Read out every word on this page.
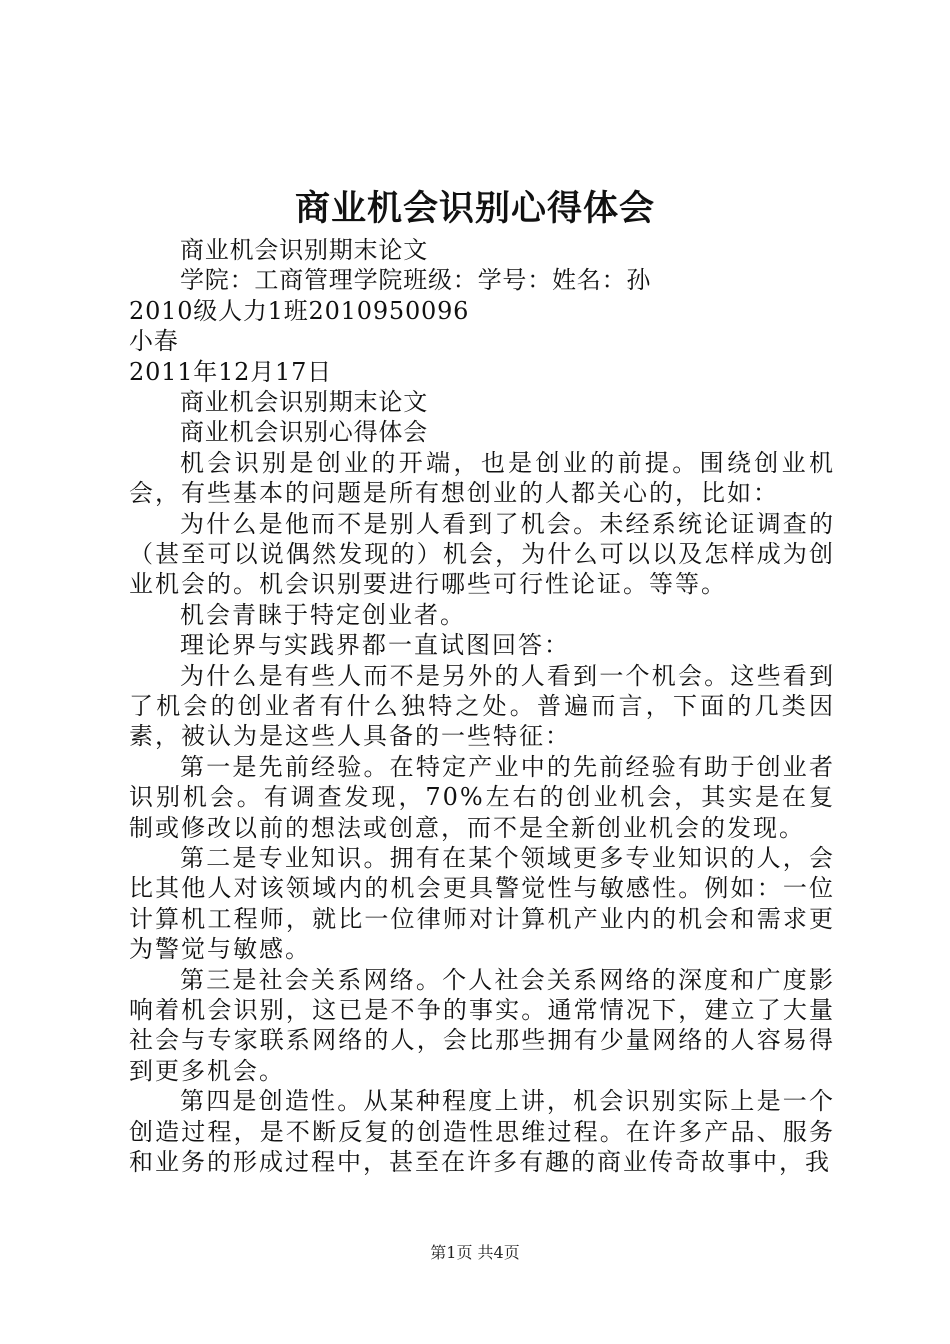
商业机会识别心得体会
商业机会识别期末论文
学院：工商管理学院班级：学号：姓名：孙
2010级人力1班2010950096
小春
2011年12月17日
商业机会识别期末论文
商业机会识别心得体会

机会识别是创业的开端，也是创业的前提。围绕创业机会，有些基本的问题是所有想创业的人都关心的，比如：

为什么是他而不是别人看到了机会。未经系统论证调查的（甚至可以说偶然发现的）机会，为什么可以以及怎样成为创业机会的。机会识别要进行哪些可行性论证。等等。

机会青睐于特定创业者。

理论界与实践界都一直试图回答：

为什么是有些人而不是另外的人看到一个机会。这些看到了机会的创业者有什么独特之处。普遍而言，下面的几类因素，被认为是这些人具备的一些特征：

第一是先前经验。在特定产业中的先前经验有助于创业者识别机会。有调查发现，70%左右的创业机会，其实是在复制或修改以前的想法或创意，而不是全新创业机会的发现。

第二是专业知识。拥有在某个领域更多专业知识的人，会比其他人对该领域内的机会更具警觉性与敏感性。例如：一位计算机工程师，就比一位律师对计算机产业内的机会和需求更为警觉与敏感。

第三是社会关系网络。个人社会关系网络的深度和广度影响着机会识别，这已是不争的事实。通常情况下，建立了大量社会与专家联系网络的人，会比那些拥有少量网络的人容易得到更多机会。

第四是创造性。从某种程度上讲，机会识别实际上是一个创造过程，是不断反复的创造性思维过程。在许多产品、服务和业务的形成过程中，甚至在许多有趣的商业传奇故事中，我

第1页 共4页
